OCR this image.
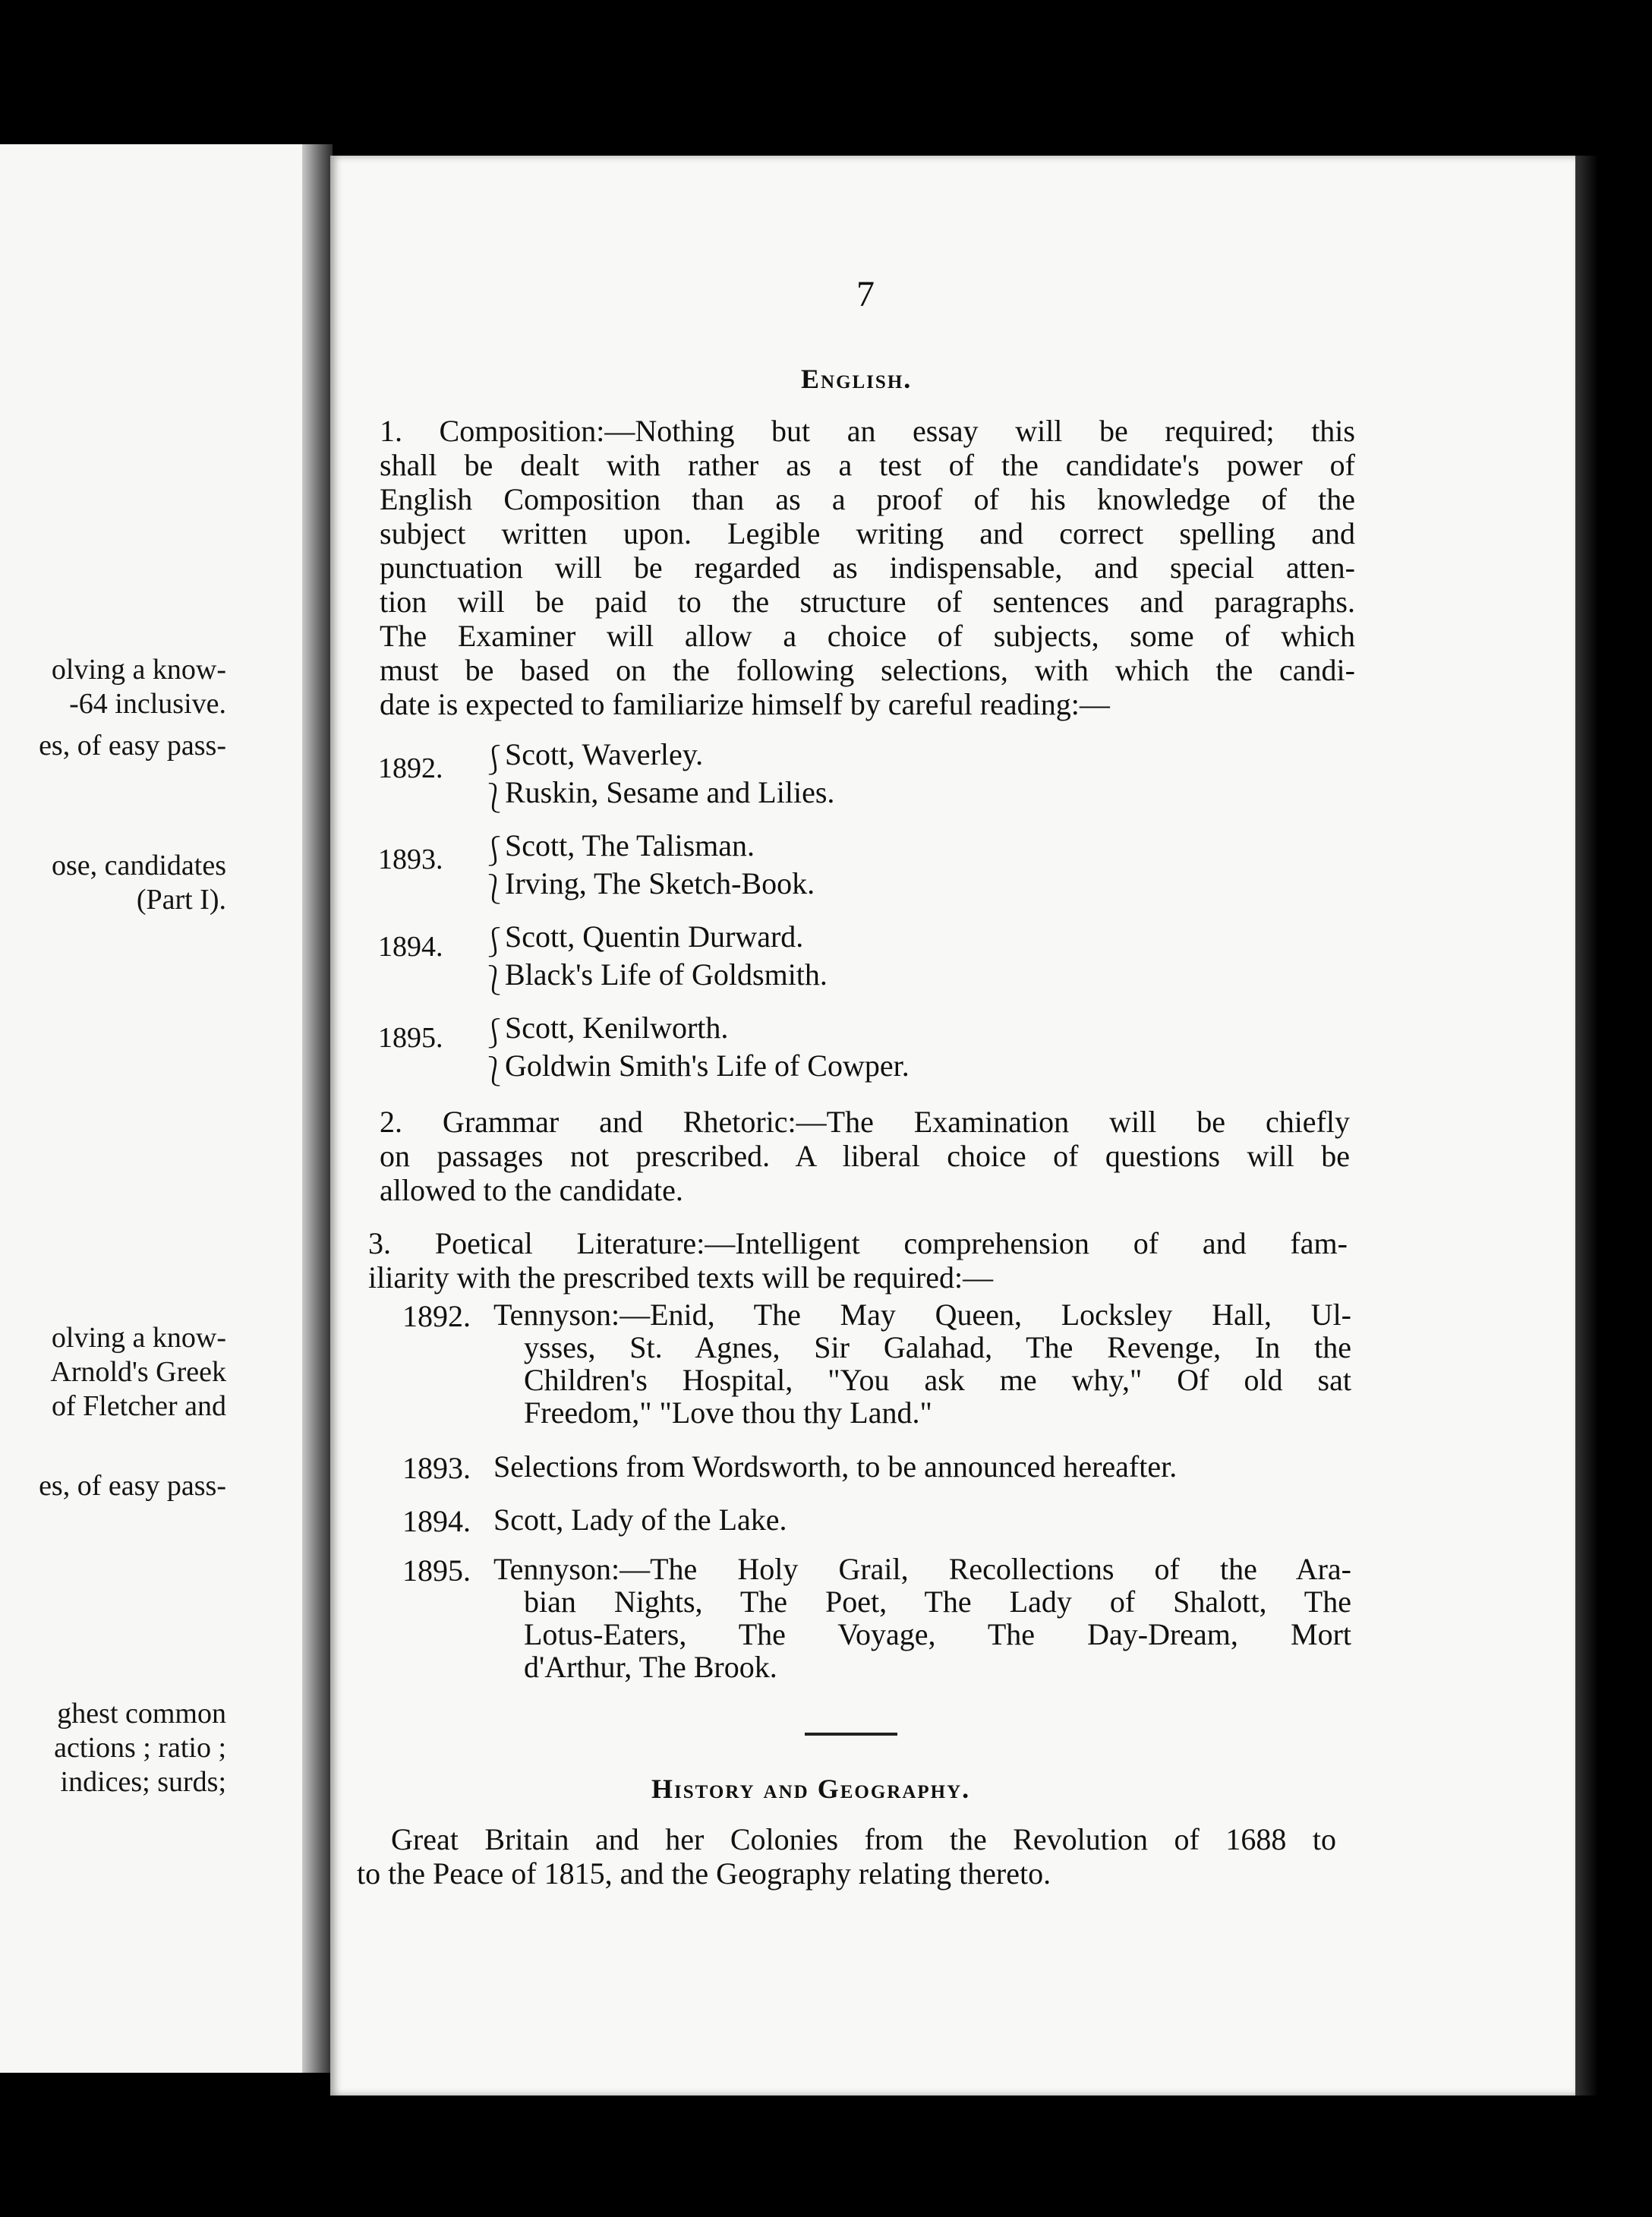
olving a know-
-64 inclusive.
es, of easy pass-
ose, candidates
(Part I).
olving a know-
Arnold's Greek
of Fletcher and
es, of easy pass-
ghest common
actions ; ratio ;
indices; surds;
7
English.
1. Composition:—Nothing but an essay will be required; this
shall be dealt with rather as a test of the candidate's power of
English Composition than as a proof of his knowledge of the
subject written upon. Legible writing and correct spelling and
punctuation will be regarded as indispensable, and special atten-
tion will be paid to the structure of sentences and paragraphs.
The Examiner will allow a choice of subjects, some of which
must be based on the following selections, with which the candi-
date is expected to familiarize himself by careful reading:—
1892. ⎰
Scott, Waverley.
⎱
Ruskin, Sesame and Lilies.
1893. ⎰
Scott, The Talisman.
⎱
Irving, The Sketch-Book.
1894. ⎰
Scott, Quentin Durward.
⎱
Black's Life of Goldsmith.
1895. ⎰
Scott, Kenilworth.
⎱
Goldwin Smith's Life of Cowper.
2. Grammar and Rhetoric:—The Examination will be chiefly
on passages not prescribed. A liberal choice of questions will be
allowed to the candidate.
3. Poetical Literature:—Intelligent comprehension of and fam-
iliarity with the prescribed texts will be required:—
1892. Tennyson:—Enid, The May Queen, Locksley Hall, Ul-
ysses, St. Agnes, Sir Galahad, The Revenge, In the
Children's Hospital, "You ask me why," Of old sat
Freedom," "Love thou thy Land."
1893. Selections from Wordsworth, to be announced hereafter.
1894. Scott, Lady of the Lake.
1895. Tennyson:—The Holy Grail, Recollections of the Ara-
bian Nights, The Poet, The Lady of Shalott, The
Lotus-Eaters, The Voyage, The Day-Dream, Mort
d'Arthur, The Brook.
History and Geography.
Great Britain and her Colonies from the Revolution of 1688 to
to the Peace of 1815, and the Geography relating thereto.
